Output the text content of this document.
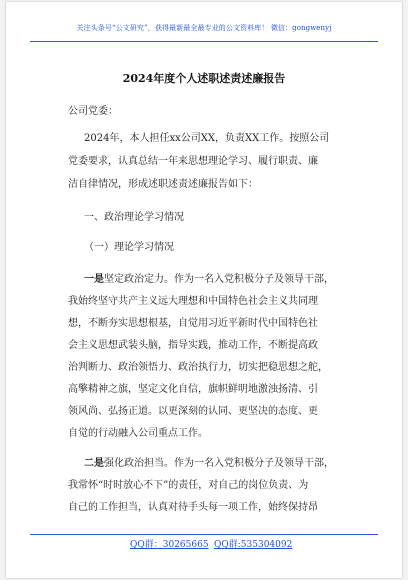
关注头条号“公文研究”，获得最新最全最专业的公文资料库！ 微信：gongwenyj
2024年度个人述职述责述廉报告
公司党委：
2024年，本人担任xx公司XX，负责XX工作。按照公司
党委要求，认真总结一年来思想理论学习、履行职责、廉
洁自律情况，形成述职述责述廉报告如下：
一、政治理论学习情况
（一）理论学习情况
一是坚定政治定力。作为一名入党积极分子及领导干部，
我始终坚守共产主义远大理想和中国特色社会主义共同理
想，不断夯实思想根基，自觉用习近平新时代中国特色社
会主义思想武装头脑，指导实践，推动工作，不断提高政
治判断力、政治领悟力、政治执行力，切实把稳思想之舵，
高擎精神之旗，坚定文化自信，旗帜鲜明地激浊扬清、引
领风尚、弘扬正道。以更深刻的认同、更坚决的态度、更
自觉的行动融入公司重点工作。
二是强化政治担当。作为一名入党积极分子及领导干部，
我常怀“时时放心不下”的责任，对自己的岗位负责、为
自己的工作担当，认真对待手头每一项工作，始终保持昂
QQ群：30265665 QQ群:535304092
